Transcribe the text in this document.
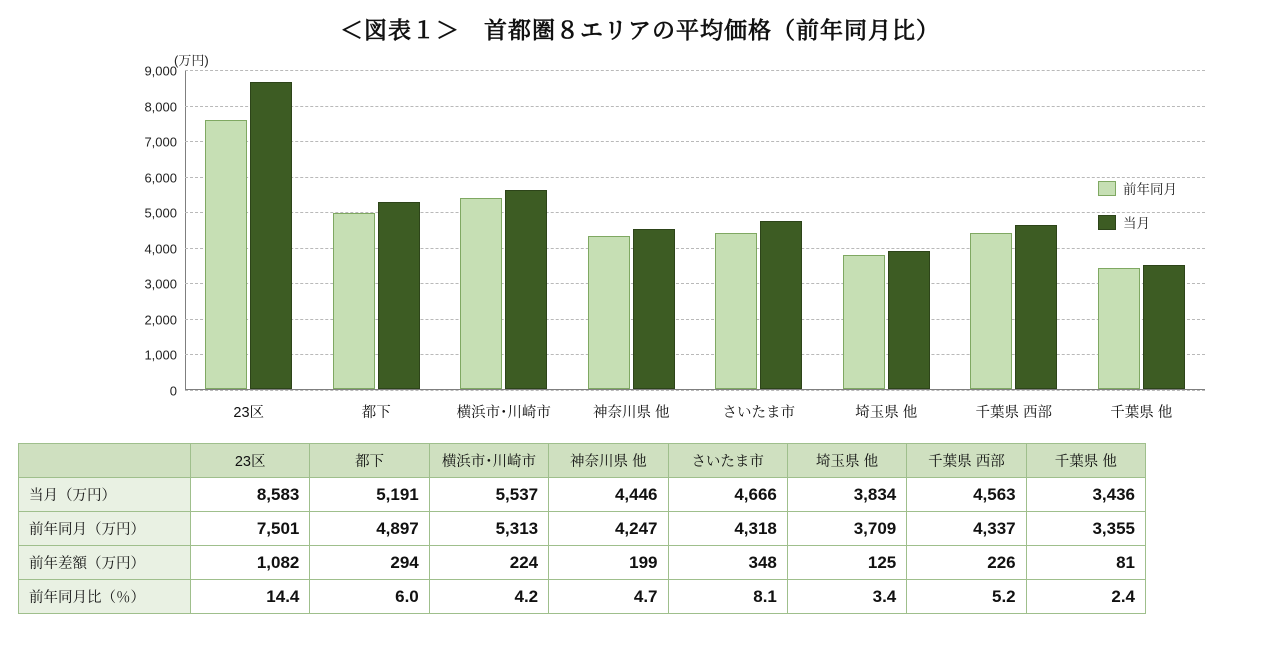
＜図表１＞　首都圏８エリアの平均価格（前年同月比）
(万円)
0
1,000
2,000
3,000
4,000
5,000
6,000
7,000
8,000
9,000
23区	都下	横浜市･川崎市	神奈川県 他	さいたま市	埼玉県 他	千葉県 西部	千葉県 他
前年同月
当月
	23区	都下	横浜市･川崎市	神奈川県 他	さいたま市	埼玉県 他	千葉県 西部	千葉県 他
当月（万円）	8,583	5,191	5,537	4,446	4,666	3,834	4,563	3,436
前年同月（万円）	7,501	4,897	5,313	4,247	4,318	3,709	4,337	3,355
前年差額（万円）	1,082	294	224	199	348	125	226	81
前年同月比（％）	14.4	6.0	4.2	4.7	8.1	3.4	5.2	2.4
